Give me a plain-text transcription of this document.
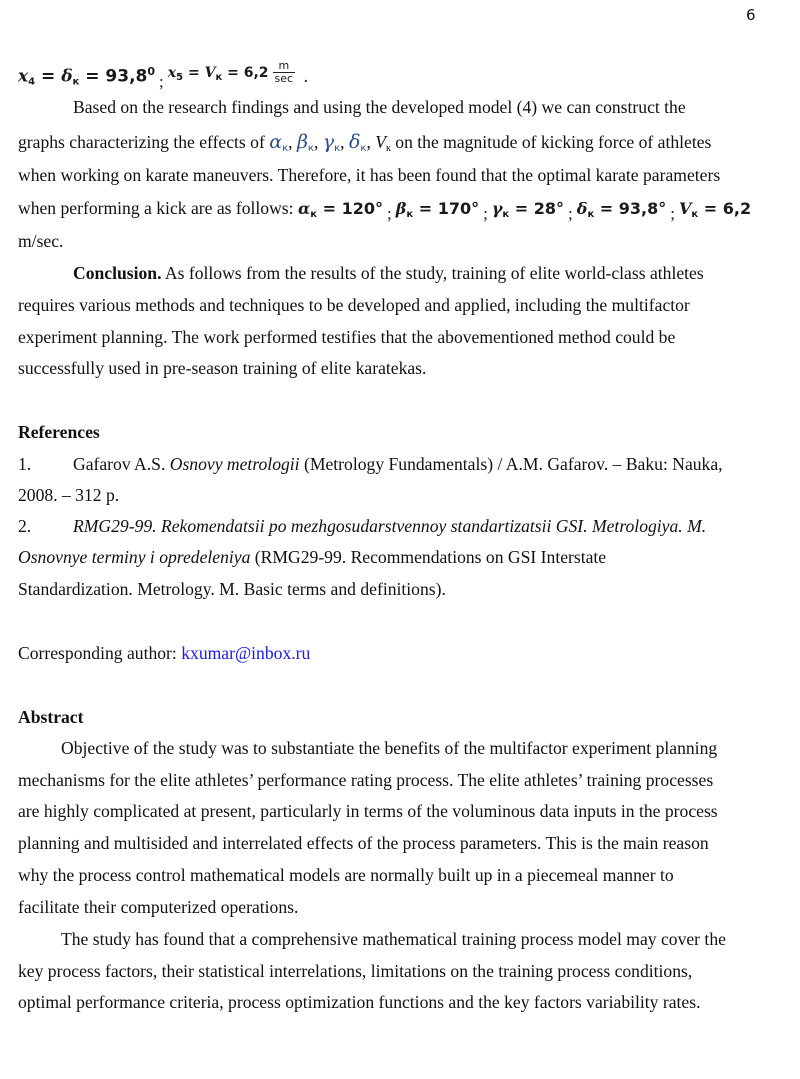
6
$x_4 = \delta_к = 93,8^0$; $^{x_5 = V_к = 6,2 \frac{m}{\sec}}$ .
Based on the research findings and using the developed model (4) we can construct the
graphs characterizing the effects of $\alpha_к$, $\beta_к$, $\gamma_к$, $\delta_к$, $V_к$ on the magnitude of kicking force of athletes
when working on karate maneuvers. Therefore, it has been found that the optimal karate parameters
when performing a kick are as follows: $\alpha_к = 120^\circ$ ; $\beta_к = 170^\circ$ ; $\gamma_к = 28^\circ$ ; $\delta_к = 93,8^\circ$ ; $V_к = 6,2$
m/sec.
Conclusion. As follows from the results of the study, training of elite world-class athletes
requires various methods and techniques to be developed and applied, including the multifactor
experiment planning. The work performed testifies that the abovementioned method could be
successfully used in pre-season training of elite karatekas.
References
1. Gafarov A.S. Osnovy metrologii (Metrology Fundamentals) / A.M. Gafarov. – Baku: Nauka,
2008. – 312 p.
2. RMG29-99. Rekomendatsii po mezhgosudarstvennoy standartizatsii GSI. Metrologiya. M.
Osnovnye terminy i opredeleniya (RMG29-99. Recommendations on GSI Interstate
Standardization. Metrology. M. Basic terms and definitions).
Corresponding author: kxumar@inbox.ru
Abstract
Objective of the study was to substantiate the benefits of the multifactor experiment planning
mechanisms for the elite athletes’ performance rating process. The elite athletes’ training processes
are highly complicated at present, particularly in terms of the voluminous data inputs in the process
planning and multisided and interrelated effects of the process parameters. This is the main reason
why the process control mathematical models are normally built up in a piecemeal manner to
facilitate their computerized operations.
The study has found that a comprehensive mathematical training process model may cover the
key process factors, their statistical interrelations, limitations on the training process conditions,
optimal performance criteria, process optimization functions and the key factors variability rates.
